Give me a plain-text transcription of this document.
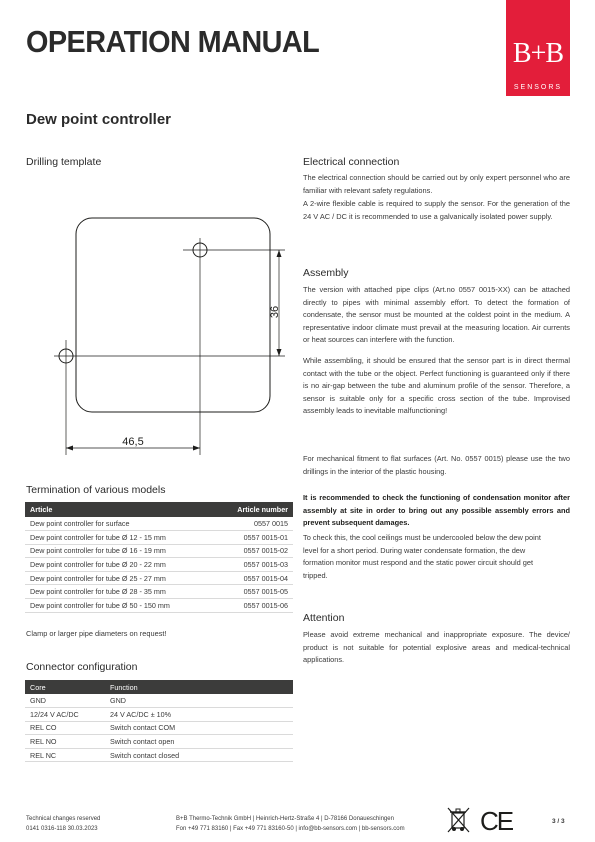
OPERATION MANUAL	B+B
SENSORS
Dew point controller
Drilling template
36
46,5
Termination of various models
Article	Article number
Dew point controller for surface	0557 0015
Dew point controller for tube Ø 12 - 15 mm	0557 0015-01
Dew point controller for tube Ø 16 - 19 mm	0557 0015-02
Dew point controller for tube Ø 20 - 22 mm	0557 0015-03
Dew point controller for tube Ø 25 - 27 mm	0557 0015-04
Dew point controller for tube Ø 28 - 35 mm	0557 0015-05
Dew point controller for tube Ø 50 - 150 mm	0557 0015-06
Clamp or larger pipe diameters on request!
Connector configuration
Core	Function
GND	GND
12/24 V AC/DC	24 V AC/DC ± 10%
REL CO	Switch contact COM
REL NO	Switch contact open
REL NC	Switch contact closed
Electrical connection
The electrical connection should be carried out by only expert personnel who are familiar with relevant safety regulations.
A 2-wire flexible cable is required to supply the sensor. For the generation of the 24 V AC / DC it is recommended to use a galvanically isolated power supply.
Assembly
The version with attached pipe clips (Art.no 0557 0015-XX) can be attached directly to pipes with minimal assembly effort. To detect the formation of condensate, the sensor must be mounted at the coldest point in the medium. A representative indoor climate must prevail at the measuring location. Air currents or heat sources can interfere with the function.
While assembling, it should be ensured that the sensor part is in direct thermal contact with the tube or the object. Perfect functioning is guaranteed only if there is no air-gap between the tube and aluminum profile of the sensor. Therefore, a sensor is suitable only for a specific cross section of the tube. Improvised assembly leads to inevitable malfunctioning!
For mechanical fitment to flat surfaces (Art. No. 0557 0015) please use the two drillings in the interior of the plastic housing.
It is recommended to check the functioning of condensation monitor after assembly at site in order to bring out any possible assembly errors and prevent subsequent damages.
To check this, the cool ceilings must be undercooled below the dew point level for a short period. During water condensate formation, the dew formation monitor must respond and the static power circuit should get tripped.
Attention
Please avoid extreme mechanical and inappropriate exposure. The device/ product is not suitable for potential explosive areas and medical-technical applications.
Technical changes reserved
0141 0316-118 30.03.2023
B+B Thermo-Technik GmbH | Heinrich-Hertz-Straße 4 | D-78166 Donaueschingen
Fon +49 771 83160 | Fax +49 771 83160-50 | info@bb-sensors.com | bb-sensors.com	CE	3 / 3
